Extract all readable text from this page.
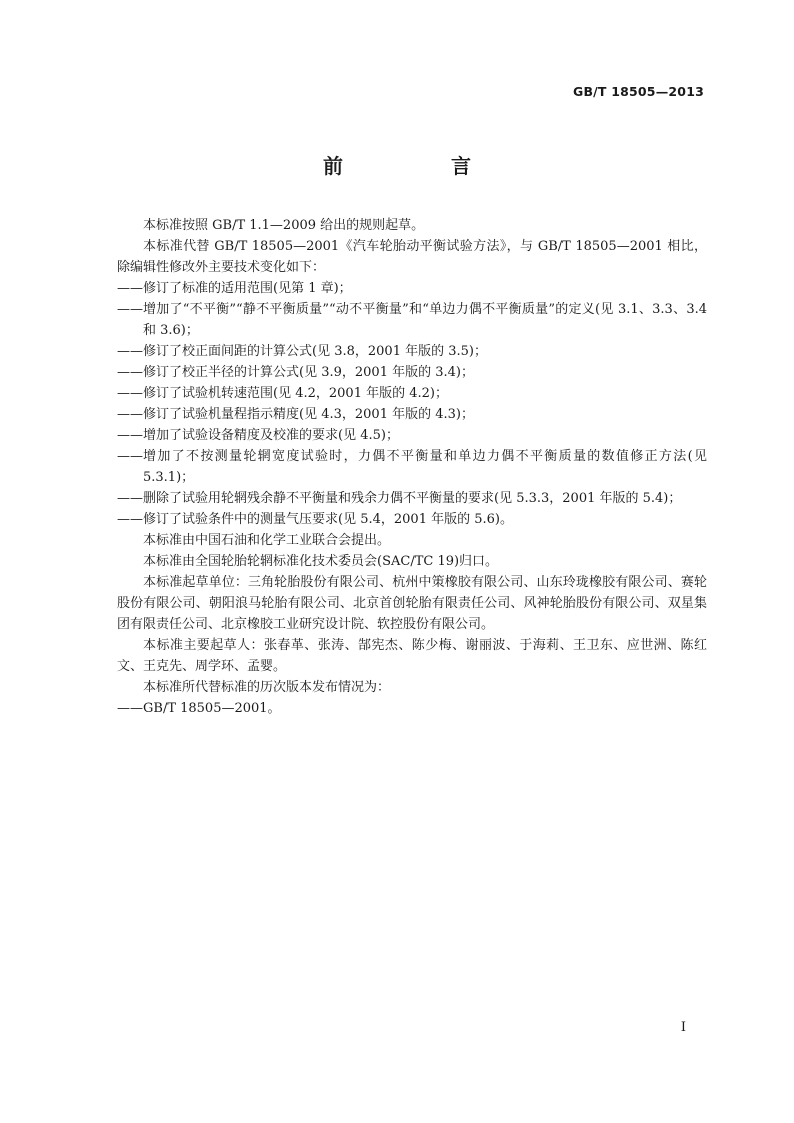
GB/T 18505—2013
前　言

本标准按照 GB/T 1.1—2009 给出的规则起草。

本标准代替 GB/T 18505—2001《汽车轮胎动平衡试验方法》，与 GB/T 18505—2001 相比，除编辑性修改外主要技术变化如下：

—— 修订了标准的适用范围(见第 1 章)；
—— 增加了“不平衡”“静不平衡质量”“动不平衡量”和“单边力偶不平衡质量”的定义(见 3.1、3.3、3.4 和 3.6)；
—— 修订了校正面间距的计算公式(见 3.8，2001 年版的 3.5)；
—— 修订了校正半径的计算公式(见 3.9，2001 年版的 3.4)；
—— 修订了试验机转速范围(见 4.2，2001 年版的 4.2)；
—— 修订了试验机量程指示精度(见 4.3，2001 年版的 4.3)；
—— 增加了试验设备精度及校准的要求(见 4.5)；
—— 增加了不按测量轮辋宽度试验时，力偶不平衡量和单边力偶不平衡质量的数值修正方法(见 5.3.1)；
—— 删除了试验用轮辋残余静不平衡量和残余力偶不平衡量的要求(见 5.3.3，2001 年版的 5.4)；
—— 修订了试验条件中的测量气压要求(见 5.4，2001 年版的 5.6)。

本标准由中国石油和化学工业联合会提出。

本标准由全国轮胎轮辋标准化技术委员会(SAC/TC 19)归口。

本标准起草单位：三角轮胎股份有限公司、杭州中策橡胶有限公司、山东玲珑橡胶有限公司、赛轮股份有限公司、朝阳浪马轮胎有限公司、北京首创轮胎有限责任公司、风神轮胎股份有限公司、双星集团有限责任公司、北京橡胶工业研究设计院、软控股份有限公司。

本标准主要起草人：张春革、张涛、郜宪杰、陈少梅、谢丽波、于海莉、王卫东、应世洲、陈红文、王克先、周学环、孟婴。

本标准所代替标准的历次版本发布情况为：

—— GB/T 18505—2001。
I
